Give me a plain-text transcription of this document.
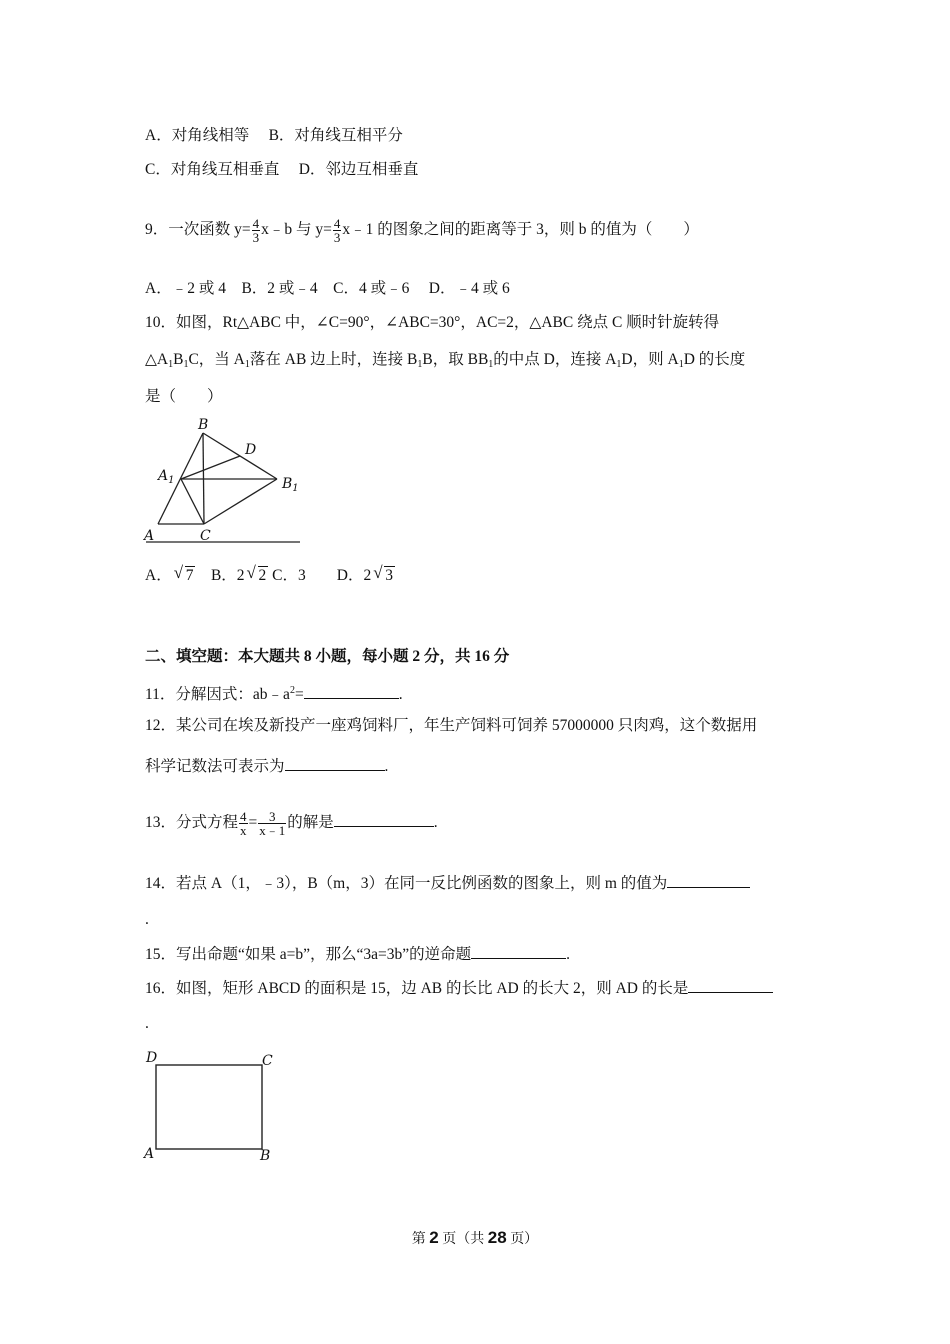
A．对角线相等　 B．对角线互相平分
C．对角线互相垂直　 D．邻边互相垂直
9．一次函数 $y= \frac{4}{3}$ x﹣b 与 $y= \frac{4}{3}$ x﹣1 的图象之间的距离等于 3，则 b 的值为（　　）
A．﹣2 或 4　B．2 或﹣4　C．4 或﹣6　 D．﹣4 或 6
10．如图，Rt△ABC 中，∠C=90°，∠ABC=30°，AC=2，△ABC 绕点 C 顺时针旋转得
$\triangle A_1B_1C$，当 $A_1$落在 AB 边上时，连接 $B_1B$，取 $BB_1$的中点 D，连接 $A_1D$，则 $A_1D$ 的长度
是（　　）
B
D
$A_1$	$B_1$
A	C
A． √ 7　B．2 √ 2 C．3　　D．2 √ 3
二、填空题：本大题共 8 小题，每小题 2 分，共 16 分
11．分解因式：$ab﹣a^2=$	.
12．某公司在埃及新投产一座鸡饲料厂，年生产饲料可饲养 57000000 只肉鸡，这个数据用
科学记数法可表示为	.
13．分式方程 $\frac{4}{x} = \frac{3}{x﹣1}$ 的解是	.
14．若点 A（1，﹣3），B（m，3）在同一反比例函数的图象上，则 m 的值为
.
15．写出命题“如果 a=b”，那么“3a=3b”的逆命题	.
16．如图，矩形 ABCD 的面积是 15，边 AB 的长比 AD 的长大 2，则 AD 的长是
.
D	C
A	B
第 2 页（共 28 页）
